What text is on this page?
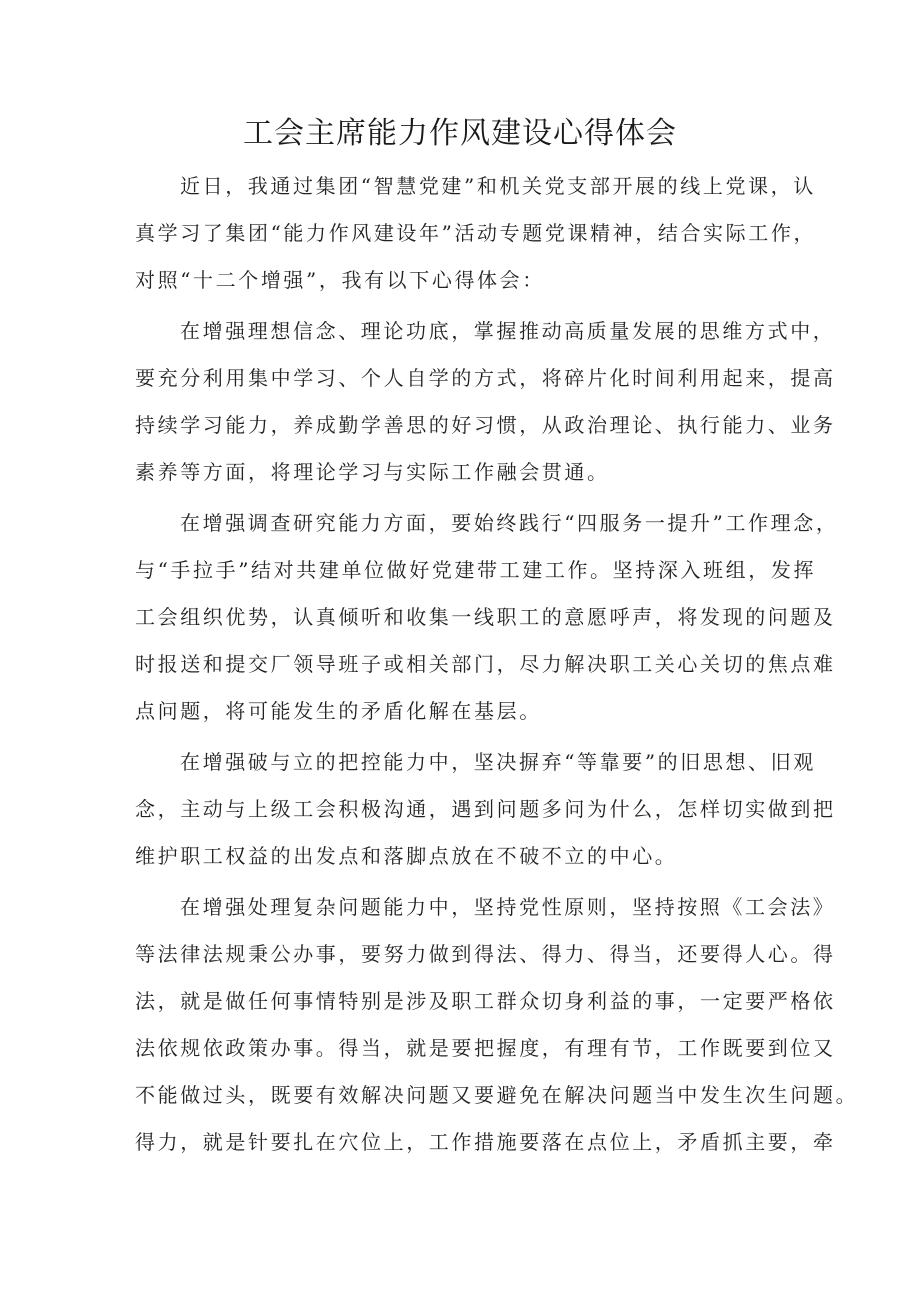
工会主席能力作风建设心得体会
近日，我通过集团“智慧党建”和机关党支部开展的线上党课，认
真学习了集团“能力作风建设年”活动专题党课精神，结合实际工作，
对照“十二个增强”，我有以下心得体会：
在增强理想信念、理论功底，掌握推动高质量发展的思维方式中，
要充分利用集中学习、个人自学的方式，将碎片化时间利用起来，提高
持续学习能力，养成勤学善思的好习惯，从政治理论、执行能力、业务
素养等方面，将理论学习与实际工作融会贯通。
在增强调查研究能力方面，要始终践行“四服务一提升”工作理念，
与“手拉手”结对共建单位做好党建带工建工作。坚持深入班组，发挥
工会组织优势，认真倾听和收集一线职工的意愿呼声，将发现的问题及
时报送和提交厂领导班子或相关部门，尽力解决职工关心关切的焦点难
点问题，将可能发生的矛盾化解在基层。
在增强破与立的把控能力中，坚决摒弃“等靠要”的旧思想、旧观
念，主动与上级工会积极沟通，遇到问题多问为什么，怎样切实做到把
维护职工权益的出发点和落脚点放在不破不立的中心。
在增强处理复杂问题能力中，坚持党性原则，坚持按照《工会法》
等法律法规秉公办事，要努力做到得法、得力、得当，还要得人心。得
法，就是做任何事情特别是涉及职工群众切身利益的事，一定要严格依
法依规依政策办事。得当，就是要把握度，有理有节，工作既要到位又
不能做过头，既要有效解决问题又要避免在解决问题当中发生次生问题。
得力，就是针要扎在穴位上，工作措施要落在点位上，矛盾抓主要，牵
